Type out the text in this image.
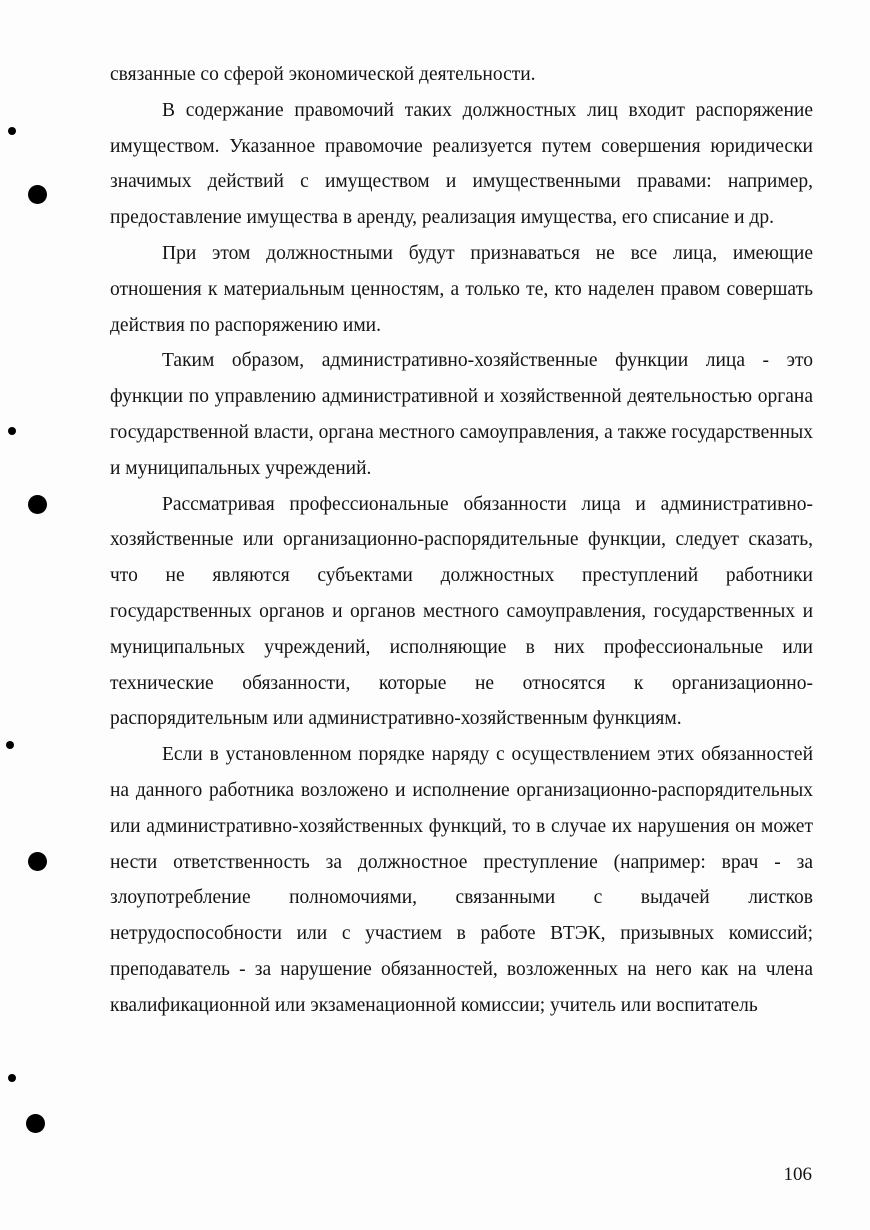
связанные со сферой экономической деятельности.

В содержание правомочий таких должностных лиц входит распоряжение имуществом. Указанное правомочие реализуется путем совершения юридически значимых действий с имуществом и имущественными правами: например, предоставление имущества в аренду, реализация имущества, его списание и др.

При этом должностными будут признаваться не все лица, имеющие отношения к материальным ценностям, а только те, кто наделен правом совершать действия по распоряжению ими.

Таким образом, административно-хозяйственные функции лица - это функции по управлению административной и хозяйственной деятельностью органа государственной власти, органа местного самоуправления, а также государственных и муниципальных учреждений.

Рассматривая профессиональные обязанности лица и административно-хозяйственные или организационно-распорядительные функции, следует сказать, что не являются субъектами должностных преступлений работники государственных органов и органов местного самоуправления, государственных и муниципальных учреждений, исполняющие в них профессиональные или технические обязанности, которые не относятся к организационно-распорядительным или административно-хозяйственным функциям.

Если в установленном порядке наряду с осуществлением этих обязанностей на данного работника возложено и исполнение организационно-распорядительных или административно-хозяйственных функций, то в случае их нарушения он может нести ответственность за должностное преступление (например: врач - за злоупотребление полномочиями, связанными с выдачей листков нетрудоспособности или с участием в работе ВТЭК, призывных комиссий; преподаватель - за нарушение обязанностей, возложенных на него как на члена квалификационной или экзаменационной комиссии; учитель или воспитатель

106
